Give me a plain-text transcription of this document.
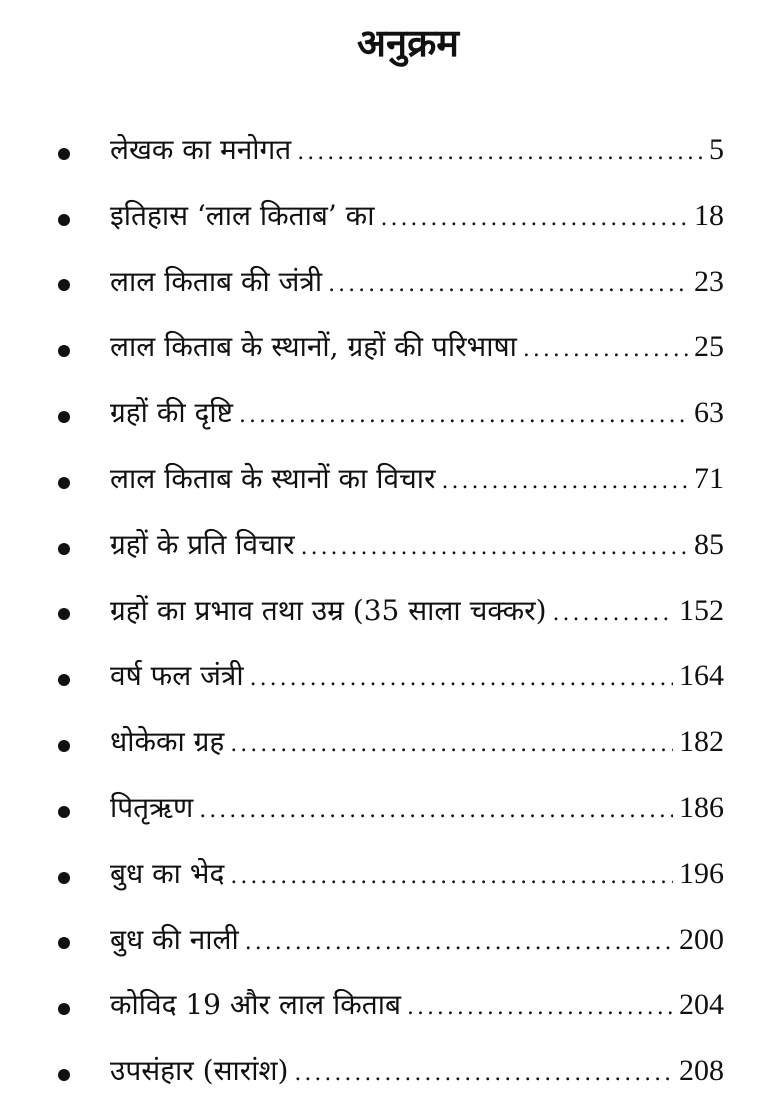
अनुक्रम
लेखक का मनोगत .....	5
इतिहास ‘लाल किताब’ का .....	18
लाल किताब की जंत्री .....	23
लाल किताब के स्थानों, ग्रहों की परिभाषा .....	25
ग्रहों की दृष्टि .....	63
लाल किताब के स्थानों का विचार .....	71
ग्रहों के प्रति विचार .....	85
ग्रहों का प्रभाव तथा उम्र (35 साला चक्कर) .....	152
वर्ष फल जंत्री .....	164
धोकेका ग्रह .....	182
पितृऋण .....	186
बुध का भेद .....	196
बुध की नाली .....	200
कोविद 19 और लाल किताब .....	204
उपसंहार (सारांश) .....	208
